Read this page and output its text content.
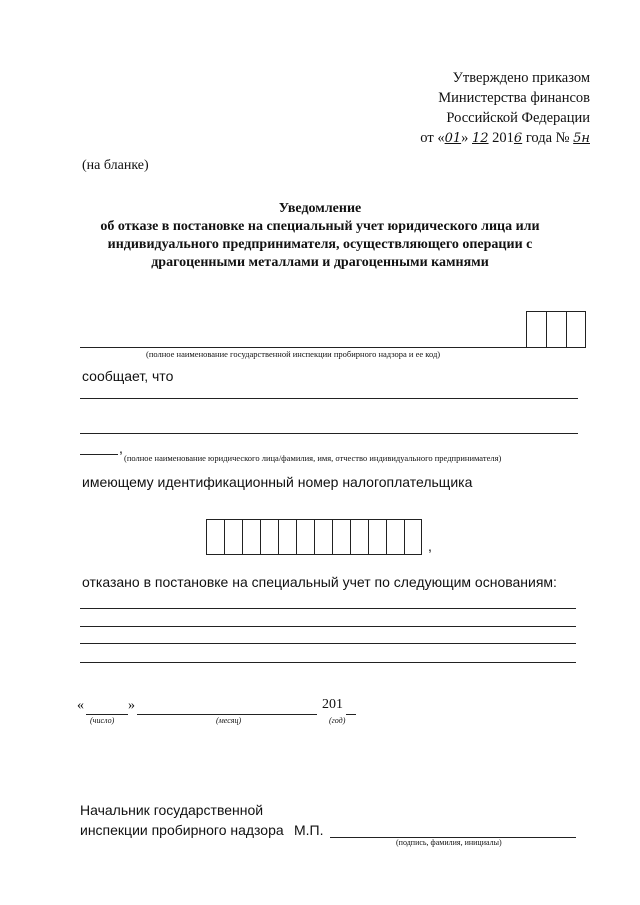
Утверждено приказом
Министерства финансов
Российской Федерации
от «01» 12 2016 года № 5н
(на бланке)
Уведомление
об отказе в постановке на специальный учет юридического лица или
индивидуального предпринимателя, осуществляющего операции с
драгоценными металлами и драгоценными камнями
(полное наименование государственной инспекции пробирного надзора и ее код)
сообщает, что
,
(полное наименование юридического лица/фамилия, имя, отчество индивидуального предпринимателя)
имеющему идентификационный номер налогоплательщика
,
отказано в постановке на специальный учет по следующим основаниям:
«	»	201
(число)	(месяц)	(год)
Начальник государственной
инспекции пробирного надзора М.П.
(подпись, фамилия, инициалы)
